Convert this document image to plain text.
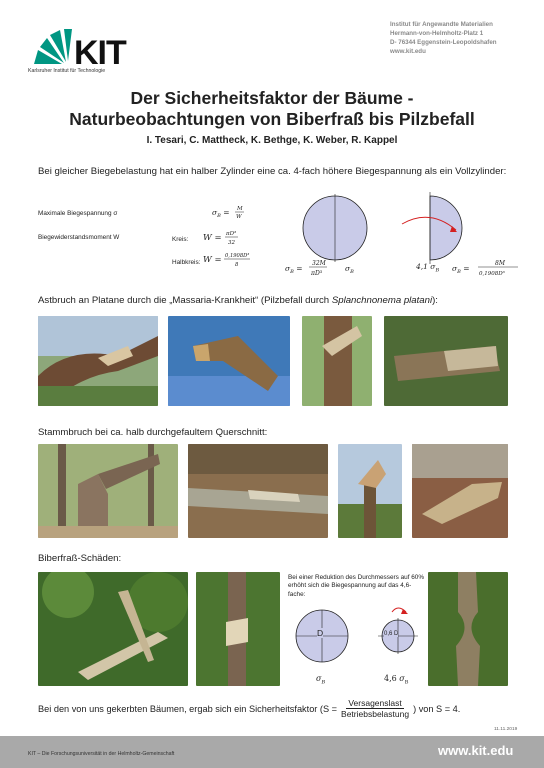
KIT
Karlsruher Institut für Technologie
Institut für Angewandte Materialien
Hermann-von-Helmholtz-Platz 1
D- 76344 Eggenstein-Leopoldshafen
www.kit.edu
Der Sicherheitsfaktor der Bäume -
Naturbeobachtungen von Biberfraß bis Pilzbefall
I. Tesari, C. Mattheck, K. Bethge, K. Weber, R. Kappel
Bei gleicher Biegebelastung hat ein halber Zylinder eine ca. 4-fach höhere Biegespannung als ein Vollzylinder:
Maximale Biegespannung σ
Biegewiderstandsmoment W	Kreis:
Halbkreis:
$\sigma_B = M$
W
W = πD³
32
W = 0,1908D³
8	$\sigma_B$ =
32M
πD³
$\sigma_B$
4,1 $\sigma_B$ $\sigma_B$ =
8M
0,1908D³
Astbruch an Platane durch die „Massaria-Krankheit“ (Pilzbefall durch Splanchnonema platani):
Stammbruch bei ca. halb durchgefaultem Querschnitt:
Biberfraß-Schäden:
Bei einer Reduktion des Durchmessers auf 60% erhöht sich die Biegespannung auf das 4,6-fache:
D	0,6 D
$\sigma_B$	4,6 $\sigma_B$
Bei den von uns gekerbten Bäumen, ergab sich ein Sicherheitsfaktor (S =
Versagenslast
Betriebsbelastung
) von S = 4.
11.11.2019
KIT – Die Forschungsuniversität in der Helmholtz-Gemeinschaft	www.kit.edu
